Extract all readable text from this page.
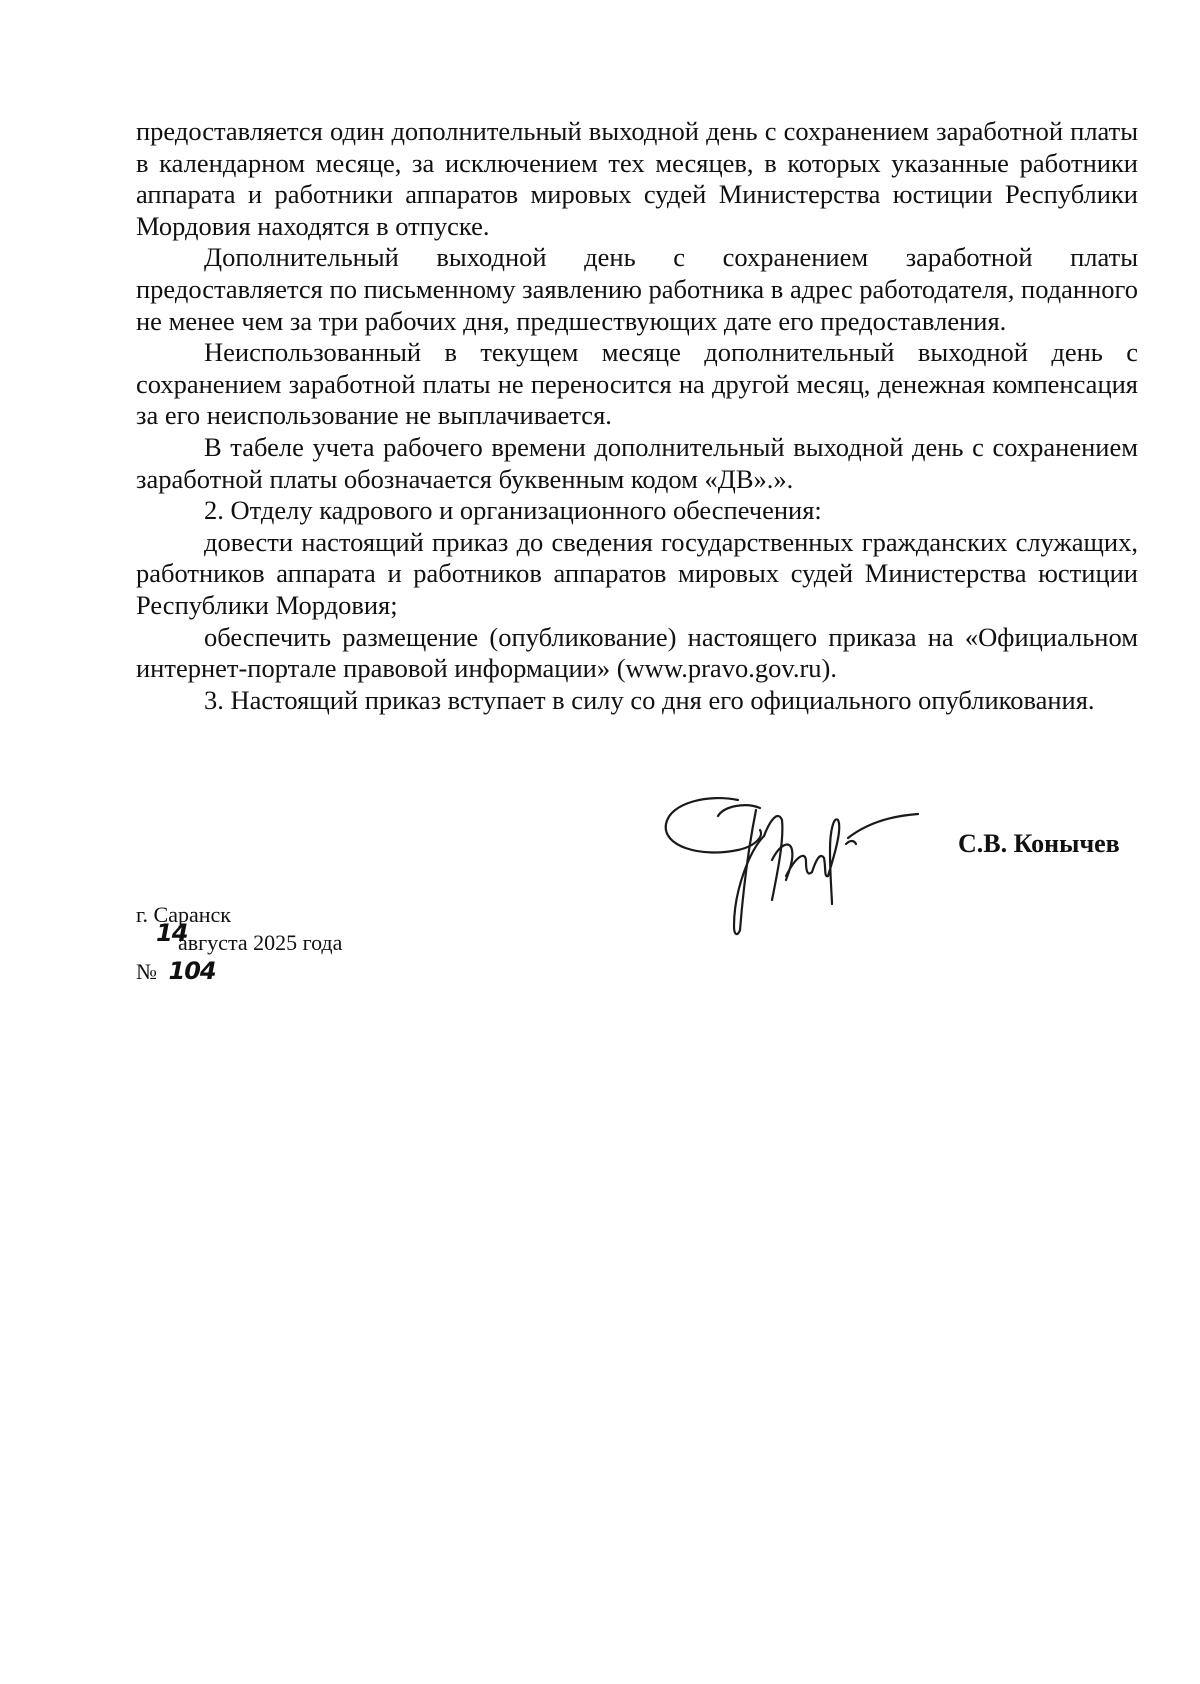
предоставляется один дополнительный выходной день с сохранением заработной платы в календарном месяце, за исключением тех месяцев, в которых указанные работники аппарата и работники аппаратов мировых судей Министерства юстиции Республики Мордовия находятся в отпуске.

Дополнительный выходной день с сохранением заработной платы предоставляется по письменному заявлению работника в адрес работодателя, поданного не менее чем за три рабочих дня, предшествующих дате его предоставления.

Неиспользованный в текущем месяце дополнительный выходной день с сохранением заработной платы не переносится на другой месяц, денежная компенсация за его неиспользование не выплачивается.

В табеле учета рабочего времени дополнительный выходной день с сохранением заработной платы обозначается буквенным кодом «ДВ».».

2. Отделу кадрового и организационного обеспечения:

довести настоящий приказ до сведения государственных гражданских служащих, работников аппарата и работников аппаратов мировых судей Министерства юстиции Республики Мордовия;

обеспечить размещение (опубликование) настоящего приказа на «Официальном интернет-портале правовой информации» (www.pravo.gov.ru).

3. Настоящий приказ вступает в силу со дня его официального опубликования.

С.В. Конычев
г. Саранск
14
августа 2025 года
№ 104
